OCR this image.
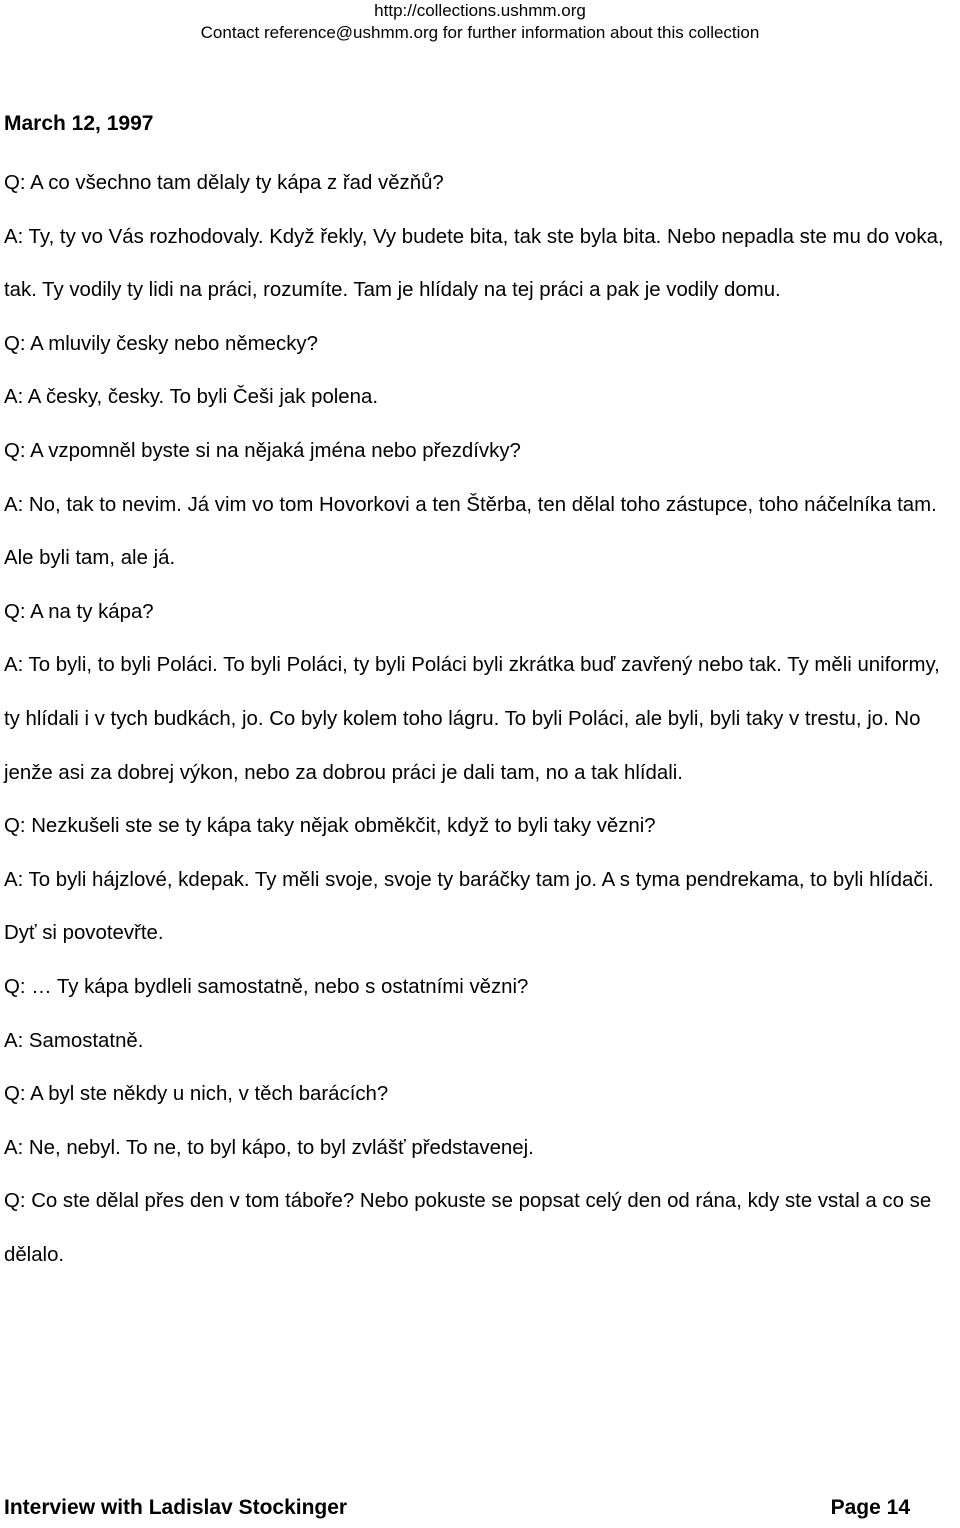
http://collections.ushmm.org
Contact reference@ushmm.org for further information about this collection
March 12, 1997

Q: A co všechno tam dělaly ty kápa z řad vězňů?

A: Ty, ty vo Vás rozhodovaly. Když řekly, Vy budete bita, tak ste byla bita. Nebo nepadla ste mu do voka, tak. Ty vodily ty lidi na práci, rozumíte. Tam je hlídaly na tej práci a pak je vodily domu.

Q: A mluvily česky nebo německy?

A: A česky, česky. To byli Češi jak polena.

Q: A vzpomněl byste si na nějaká jména nebo přezdívky?

A: No, tak to nevim. Já vim vo tom Hovorkovi a ten Štěrba, ten dělal toho zástupce, toho náčelníka tam. Ale byli tam, ale já.

Q: A na ty kápa?

A: To byli, to byli Poláci. To byli Poláci, ty byli Poláci byli zkrátka buď zavřený nebo tak. Ty měli uniformy, ty hlídali i v tych budkách, jo. Co byly kolem toho lágru. To byli Poláci, ale byli, byli taky v trestu, jo. No jenže asi za dobrej výkon, nebo za dobrou práci je dali tam, no a tak hlídali.

Q: Nezkušeli ste se ty kápa taky nějak obměkčit, když to byli taky vězni?

A: To byli hájzlové, kdepak. Ty měli svoje, svoje ty baráčky tam jo. A s tyma pendrekama, to byli hlídači. Dyť si povotevřte.

Q: … Ty kápa bydleli samostatně, nebo s ostatními vězni?

A: Samostatně.

Q: A byl ste někdy u nich, v těch barácích?

A: Ne, nebyl. To ne, to byl kápo, to byl zvlášť představenej.

Q: Co ste dělal přes den v tom táboře? Nebo pokuste se popsat celý den od rána, kdy ste vstal a co se dělalo.

Interview with Ladislav Stockinger	Page 14
